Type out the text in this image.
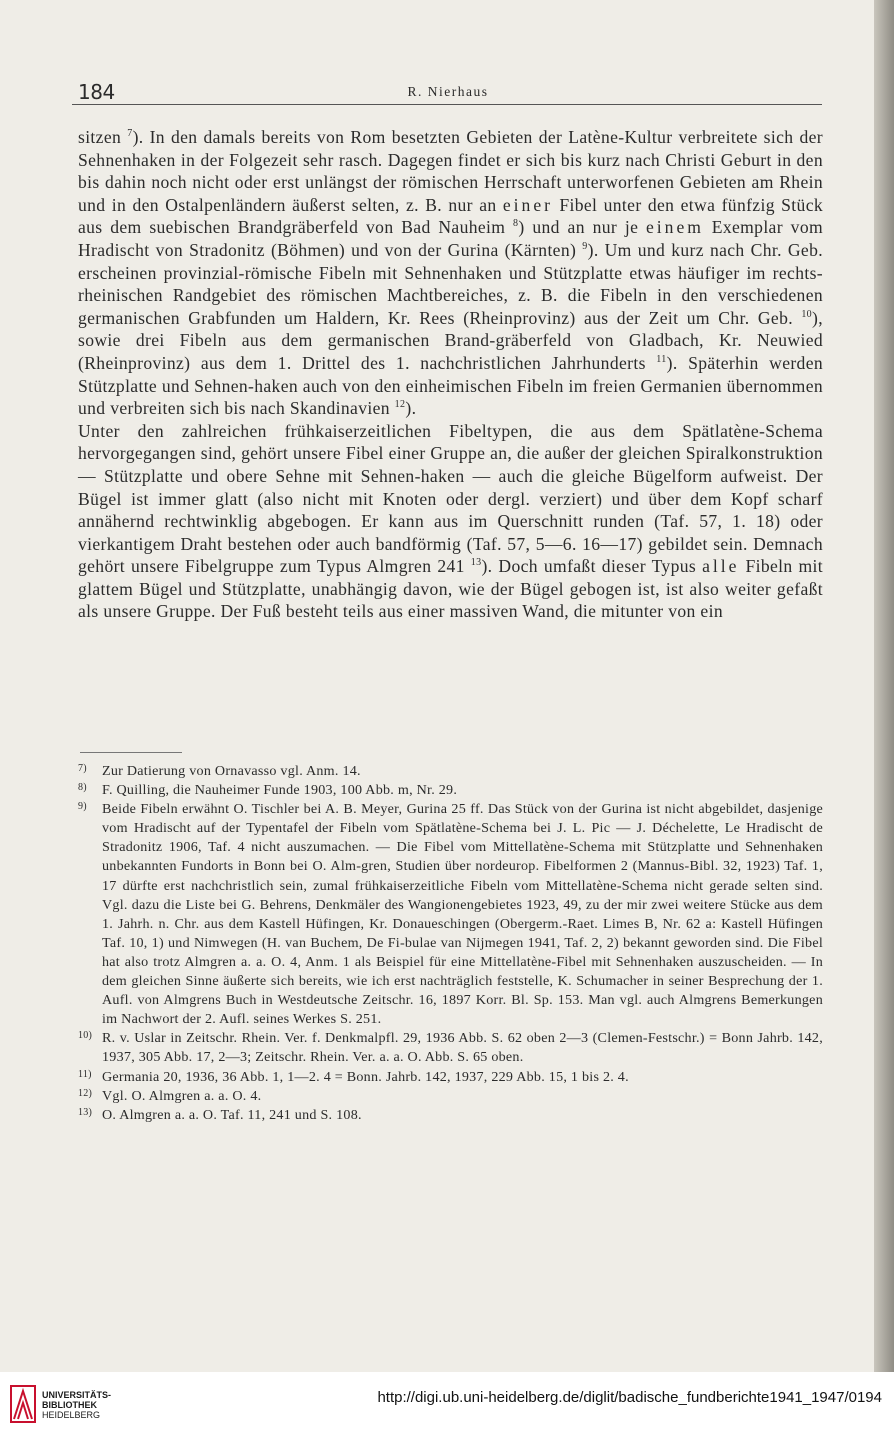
184	R. Nierhaus

sitzen $^7$). In den damals bereits von Rom besetzten Gebieten der Latène-Kultur verbreitete sich der Sehnenhaken in der Folgezeit sehr rasch. Dagegen findet er sich bis kurz nach Christi Geburt in den bis dahin noch nicht oder erst unlängst der römischen Herrschaft unterworfenen Gebieten am Rhein und in den Ostalpenländern äußerst selten, z. B. nur an einer Fibel unter den etwa fünfzig Stück aus dem suebischen Brandgräberfeld von Bad Nauheim $^8$) und an nur je einem Exemplar vom Hradischt von Stradonitz (Böhmen) und von der Gurina (Kärnten) $^9$). Um und kurz nach Chr. Geb. erscheinen provinzial-römische Fibeln mit Sehnenhaken und Stützplatte etwas häufiger im rechts-rheinischen Randgebiet des römischen Machtbereiches, z. B. die Fibeln in den verschiedenen germanischen Grabfunden um Haldern, Kr. Rees (Rheinprovinz) aus der Zeit um Chr. Geb. $^{10}$), sowie drei Fibeln aus dem germanischen Brand-gräberfeld von Gladbach, Kr. Neuwied (Rheinprovinz) aus dem 1. Drittel des 1. nachchristlichen Jahrhunderts $^{11}$). Späterhin werden Stützplatte und Sehnen-haken auch von den einheimischen Fibeln im freien Germanien übernommen und verbreiten sich bis nach Skandinavien $^{12}$).

Unter den zahlreichen frühkaiserzeitlichen Fibeltypen, die aus dem Spätlatène-Schema hervorgegangen sind, gehört unsere Fibel einer Gruppe an, die außer der gleichen Spiralkonstruktion — Stützplatte und obere Sehne mit Sehnen-haken — auch die gleiche Bügelform aufweist. Der Bügel ist immer glatt (also nicht mit Knoten oder dergl. verziert) und über dem Kopf scharf annähernd rechtwinklig abgebogen. Er kann aus im Querschnitt runden (Taf. 57, 1. 18) oder vierkantigem Draht bestehen oder auch bandförmig (Taf. 57, 5—6. 16—17) gebildet sein. Demnach gehört unsere Fibelgruppe zum Typus Almgren 241 $^{13}$). Doch umfaßt dieser Typus alle Fibeln mit glattem Bügel und Stützplatte, unabhängig davon, wie der Bügel gebogen ist, ist also weiter gefaßt als unsere Gruppe. Der Fuß besteht teils aus einer massiven Wand, die mitunter von ein

7) Zur Datierung von Ornavasso vgl. Anm. 14.
8) F. Quilling, die Nauheimer Funde 1903, 100 Abb. m, Nr. 29.
9) Beide Fibeln erwähnt O. Tischler bei A. B. Meyer, Gurina 25 ff. Das Stück von der Gurina ist nicht abgebildet, dasjenige vom Hradischt auf der Typentafel der Fibeln vom Spätlatène-Schema bei J. L. Pic — J. Déchelette, Le Hradischt de Stradonitz 1906, Taf. 4 nicht auszumachen. — Die Fibel vom Mittellatène-Schema mit Stützplatte und Sehnenhaken unbekannten Fundorts in Bonn bei O. Alm-gren, Studien über nordeurop. Fibelformen 2 (Mannus-Bibl. 32, 1923) Taf. 1, 17 dürfte erst nachchristlich sein, zumal frühkaiserzeitliche Fibeln vom Mittellatène-Schema nicht gerade selten sind. Vgl. dazu die Liste bei G. Behrens, Denkmäler des Wangionengebietes 1923, 49, zu der mir zwei weitere Stücke aus dem 1. Jahrh. n. Chr. aus dem Kastell Hüfingen, Kr. Donaueschingen (Obergerm.-Raet. Limes B, Nr. 62 a: Kastell Hüfingen Taf. 10, 1) und Nimwegen (H. van Buchem, De Fi-bulae van Nijmegen 1941, Taf. 2, 2) bekannt geworden sind. Die Fibel hat also trotz Almgren a. a. O. 4, Anm. 1 als Beispiel für eine Mittellatène-Fibel mit Sehnenhaken auszuscheiden. — In dem gleichen Sinne äußerte sich bereits, wie ich erst nachträglich feststelle, K. Schumacher in seiner Besprechung der 1. Aufl. von Almgrens Buch in Westdeutsche Zeitschr. 16, 1897 Korr. Bl. Sp. 153. Man vgl. auch Almgrens Bemerkungen im Nachwort der 2. Aufl. seines Werkes S. 251.
10) R. v. Uslar in Zeitschr. Rhein. Ver. f. Denkmalpfl. 29, 1936 Abb. S. 62 oben 2—3 (Clemen-Festschr.) = Bonn Jahrb. 142, 1937, 305 Abb. 17, 2—3; Zeitschr. Rhein. Ver. a. a. O. Abb. S. 65 oben.
11) Germania 20, 1936, 36 Abb. 1, 1—2. 4 = Bonn. Jahrb. 142, 1937, 229 Abb. 15, 1 bis 2. 4.
12) Vgl. O. Almgren a. a. O. 4.
13) O. Almgren a. a. O. Taf. 11, 241 und S. 108.
UNIVERSITÄTS-
BIBLIOTHEK
HEIDELBERG
http://digi.ub.uni-heidelberg.de/diglit/badische_fundberichte1941_1947/0194
